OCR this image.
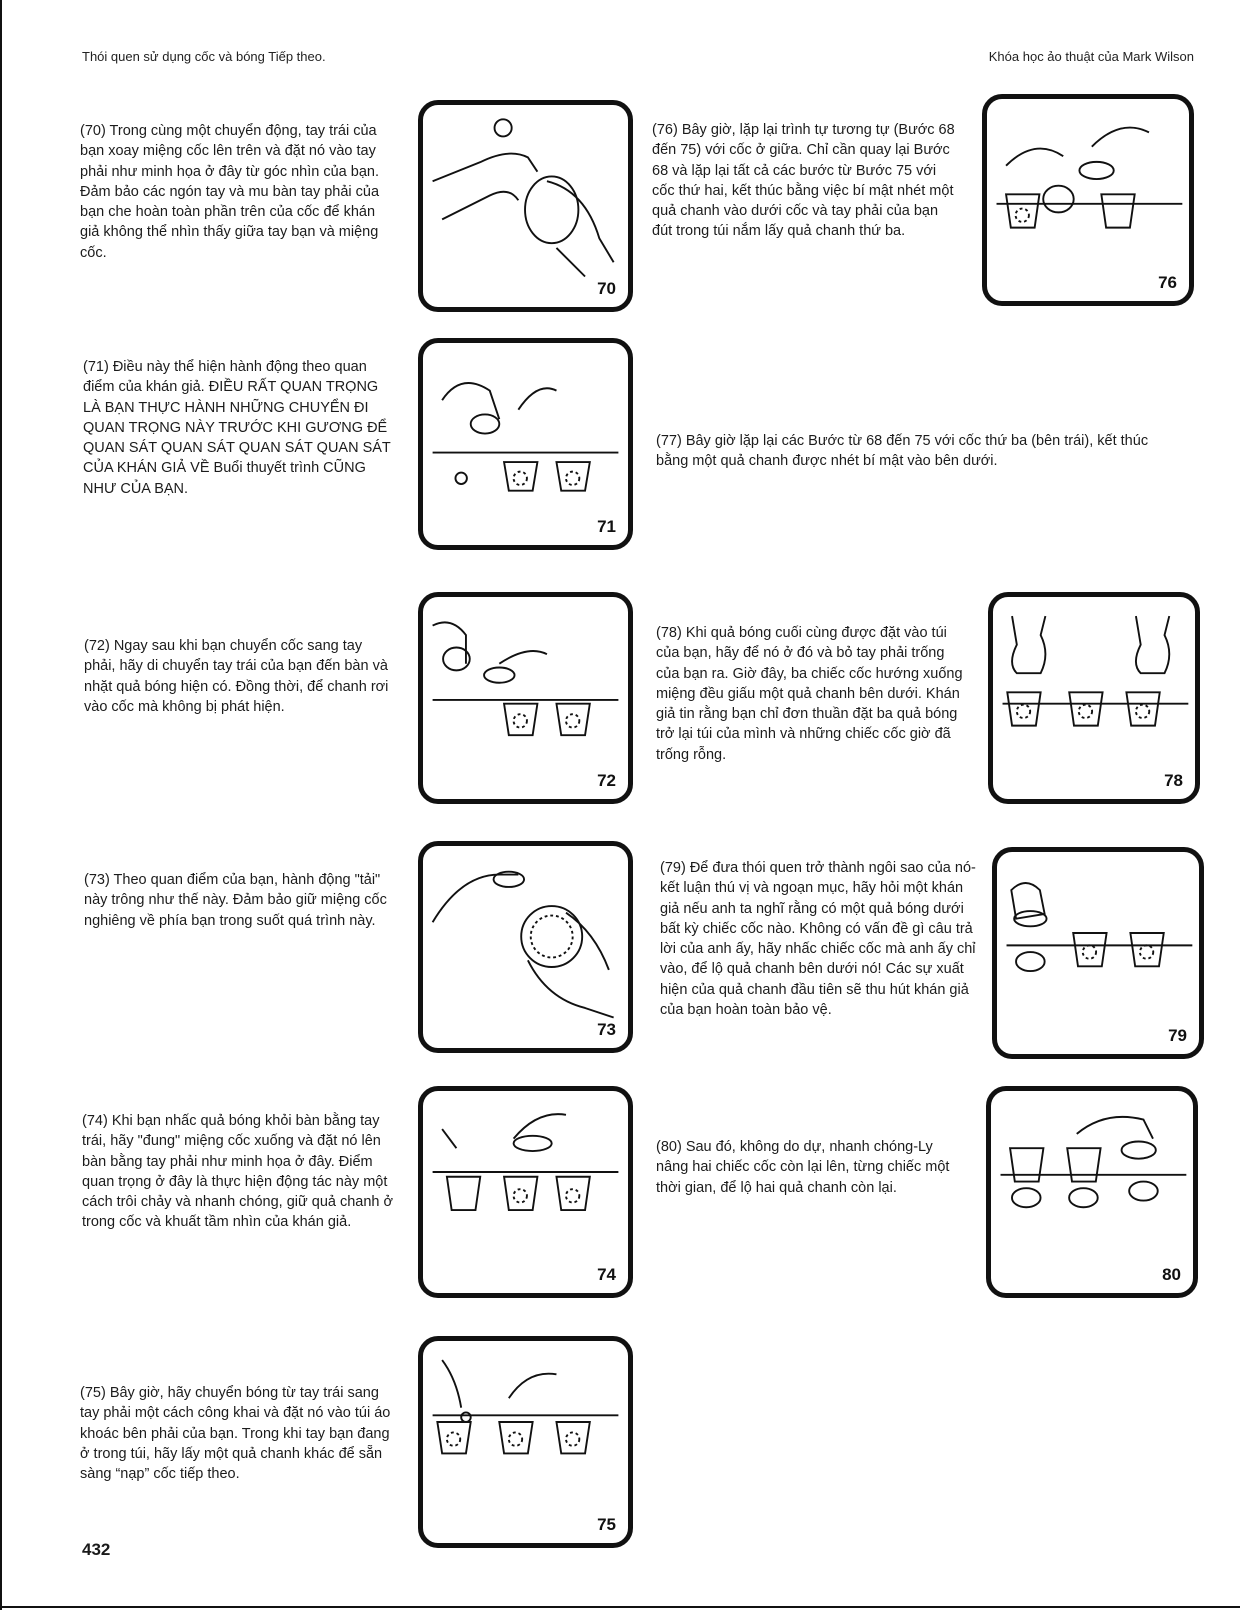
Thói quen sử dụng cốc và bóng Tiếp theo.	Khóa học ảo thuật của Mark Wilson
(70) Trong cùng một chuyển động, tay trái của bạn xoay miệng cốc lên trên và đặt nó vào tay phải như minh họa ở đây từ góc nhìn của bạn. Đảm bảo các ngón tay và mu bàn tay phải của bạn che hoàn toàn phần trên của cốc để khán giả không thể nhìn thấy giữa tay bạn và miệng cốc.
(71) Điều này thể hiện hành động theo quan điểm của khán giả. ĐIỀU RẤT QUAN TRỌNG LÀ BẠN THỰC HÀNH NHỮNG CHUYỂN ĐI QUAN TRỌNG NÀY TRƯỚC KHI GƯƠNG ĐỂ QUAN SÁT QUAN SÁT QUAN SÁT QUAN SÁT CỦA KHÁN GIẢ VỀ Buổi thuyết trình CŨNG NHƯ CỦA BẠN.
(72) Ngay sau khi bạn chuyển cốc sang tay phải, hãy di chuyển tay trái của bạn đến bàn và nhặt quả bóng hiện có. Đồng thời, để chanh rơi vào cốc mà không bị phát hiện.
(73) Theo quan điểm của bạn, hành động "tải" này trông như thế này. Đảm bảo giữ miệng cốc nghiêng về phía bạn trong suốt quá trình này.
(74) Khi bạn nhấc quả bóng khỏi bàn bằng tay trái, hãy "đung" miệng cốc xuống và đặt nó lên bàn bằng tay phải như minh họa ở đây. Điểm quan trọng ở đây là thực hiện động tác này một cách trôi chảy và nhanh chóng, giữ quả chanh ở trong cốc và khuất tầm nhìn của khán giả.
(75) Bây giờ, hãy chuyển bóng từ tay trái sang tay phải một cách công khai và đặt nó vào túi áo khoác bên phải của bạn. Trong khi tay bạn đang ở trong túi, hãy lấy một quả chanh khác để sẵn sàng “nạp” cốc tiếp theo.
(76) Bây giờ, lặp lại trình tự tương tự (Bước 68 đến 75) với cốc ở giữa. Chỉ cần quay lại Bước 68 và lặp lại tất cả các bước từ Bước 75 với cốc thứ hai, kết thúc bằng việc bí mật nhét một quả chanh vào dưới cốc và tay phải của bạn đút trong túi nắm lấy quả chanh thứ ba.
(77) Bây giờ lặp lại các Bước từ 68 đến 75 với cốc thứ ba (bên trái), kết thúc bằng một quả chanh được nhét bí mật vào bên dưới.
(78) Khi quả bóng cuối cùng được đặt vào túi của bạn, hãy để nó ở đó và bỏ tay phải trống của bạn ra. Giờ đây, ba chiếc cốc hướng xuống miệng đều giấu một quả chanh bên dưới. Khán giả tin rằng bạn chỉ đơn thuần đặt ba quả bóng trở lại túi của mình và những chiếc cốc giờ đã trống rỗng.
(79) Để đưa thói quen trở thành ngôi sao của nó-kết luận thú vị và ngoạn mục, hãy hỏi một khán giả nếu anh ta nghĩ rằng có một quả bóng dưới bất kỳ chiếc cốc nào. Không có vấn đề gì câu trả lời của anh ấy, hãy nhấc chiếc cốc mà anh ấy chỉ vào, để lộ quả chanh bên dưới nó! Các sự xuất hiện của quả chanh đầu tiên sẽ thu hút khán giả của bạn hoàn toàn bảo vệ.
(80) Sau đó, không do dự, nhanh chóng-Ly nâng hai chiếc cốc còn lại lên, từng chiếc một thời gian, để lộ hai quả chanh còn lại.
70
71
72
73
74
75
76
78
79
80
432
